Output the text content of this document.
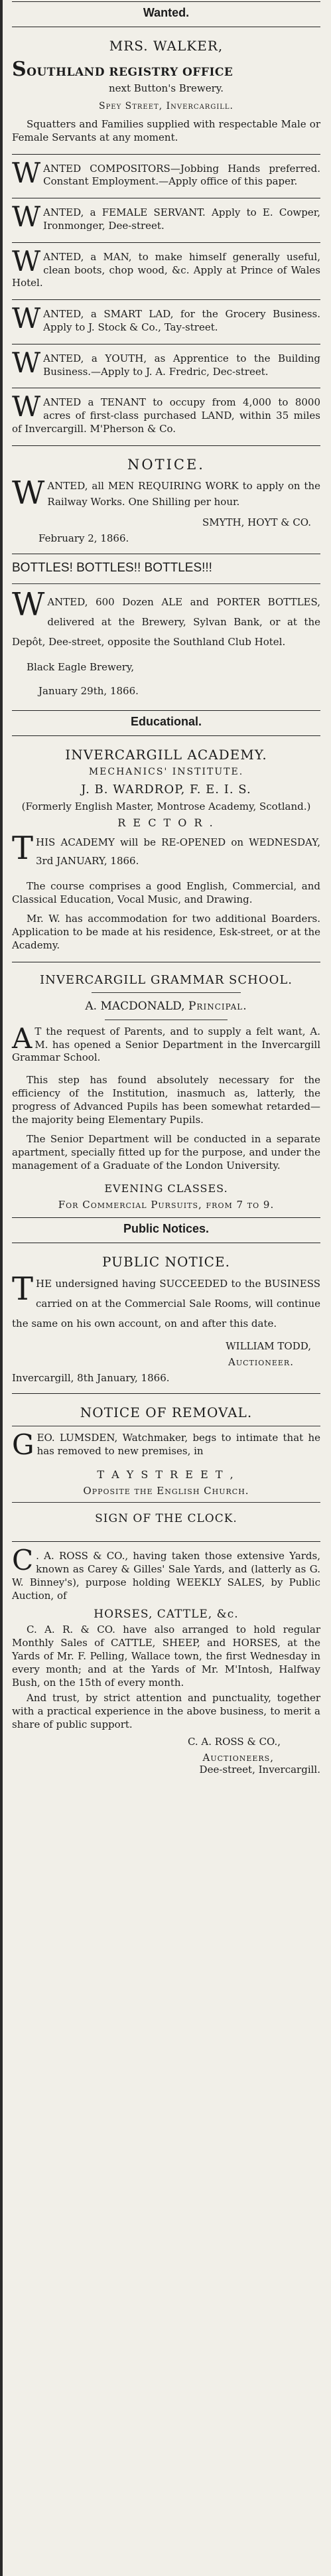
Wanted.
MRS. WALKER,
SOUTHLAND REGISTRY OFFICE
next Button's Brewery.
Spey Street, Invercargill.

Squatters and Families supplied with respectable Male or Female Servants at any moment.

W ANTED COMPOSITORS—Jobbing Hands preferred. Constant Employment.—Apply office of this paper.

W ANTED, a FEMALE SERVANT. Apply to E. Cowper, Ironmonger, Dee-street.

W ANTED, a MAN, to make himself generally useful, clean boots, chop wood, &c. Apply at Prince of Wales Hotel.

W ANTED, a SMART LAD, for the Grocery Business. Apply to J. Stock & Co., Tay-street.

W ANTED, a YOUTH, as Apprentice to the Building Business.—Apply to J. A. Fredric, Dec-street.

W ANTED a TENANT to occupy from 4,000 to 8000 acres of first-class purchased LAND, within 35 miles of Invercargill. M'Pherson & Co.

NOTICE.
W ANTED, all MEN REQUIRING WORK to apply on the Railway Works. One Shilling per hour.

SMYTH, HOYT & CO.
February 2, 1866.
BOTTLES! BOTTLES!! BOTTLES!!!
W ANTED, 600 Dozen ALE and PORTER BOTTLES, delivered at the Brewery, Sylvan Bank, or at the Depôt, Dee-street, opposite the Southland Club Hotel.

Black Eagle Brewery,

January 29th, 1866.
Educational.
INVERCARGILL ACADEMY.
MECHANICS' INSTITUTE.
J. B. WARDROP, F. E. I. S.
(Formerly English Master, Montrose Academy, Scotland.)
R E C T O R .
T HIS ACADEMY will be RE-OPENED on WEDNESDAY, 3rd JANUARY, 1866.

The course comprises a good English, Commercial, and Classical Education, Vocal Music, and Drawing.

Mr. W. has accommodation for two additional Boarders. Application to be made at his residence, Esk-street, or at the Academy.

INVERCARGILL GRAMMAR SCHOOL.
A. MACDONALD, Principal.
A T the request of Parents, and to supply a felt want, A. M. has opened a Senior Department in the Invercargill Grammar School.

This step has found absolutely necessary for the efficiency of the Institution, inasmuch as, latterly, the progress of Advanced Pupils has been somewhat retarded—the majority being Elementary Pupils.

The Senior Department will be conducted in a separate apartment, specially fitted up for the purpose, and under the management of a Graduate of the London University.

EVENING CLASSES.
For Commercial Pursuits, from 7 to 9.
Public Notices.
PUBLIC NOTICE.
T HE undersigned having SUCCEEDED to the BUSINESS carried on at the Commercial Sale Rooms, will continue the same on his own account, on and after this date.

WILLIAM TODD,
Auctioneer.
Invercargill, 8th January, 1866.
NOTICE OF REMOVAL.
G EO. LUMSDEN, Watchmaker, begs to intimate that he has removed to new premises, in

T A Y S T R E E T ,
Opposite the English Church.
SIGN OF THE CLOCK.
C . A. ROSS & CO., having taken those extensive Yards, known as Carey & Gilles' Sale Yards, and (latterly as G. W. Binney's), purpose holding WEEKLY SALES, by Public Auction, of

HORSES, CATTLE, &c.

C. A. R. & CO. have also arranged to hold regular Monthly Sales of CATTLE, SHEEP, and HORSES, at the Yards of Mr. F. Pelling, Wallace town, the first Wednesday in every month; and at the Yards of Mr. M'Intosh, Halfway Bush, on the 15th of every month.

And trust, by strict attention and punctuality, together with a practical experience in the above business, to merit a share of public support.

C. A. ROSS & CO.,
Auctioneers,
Dee-street, Invercargill.
